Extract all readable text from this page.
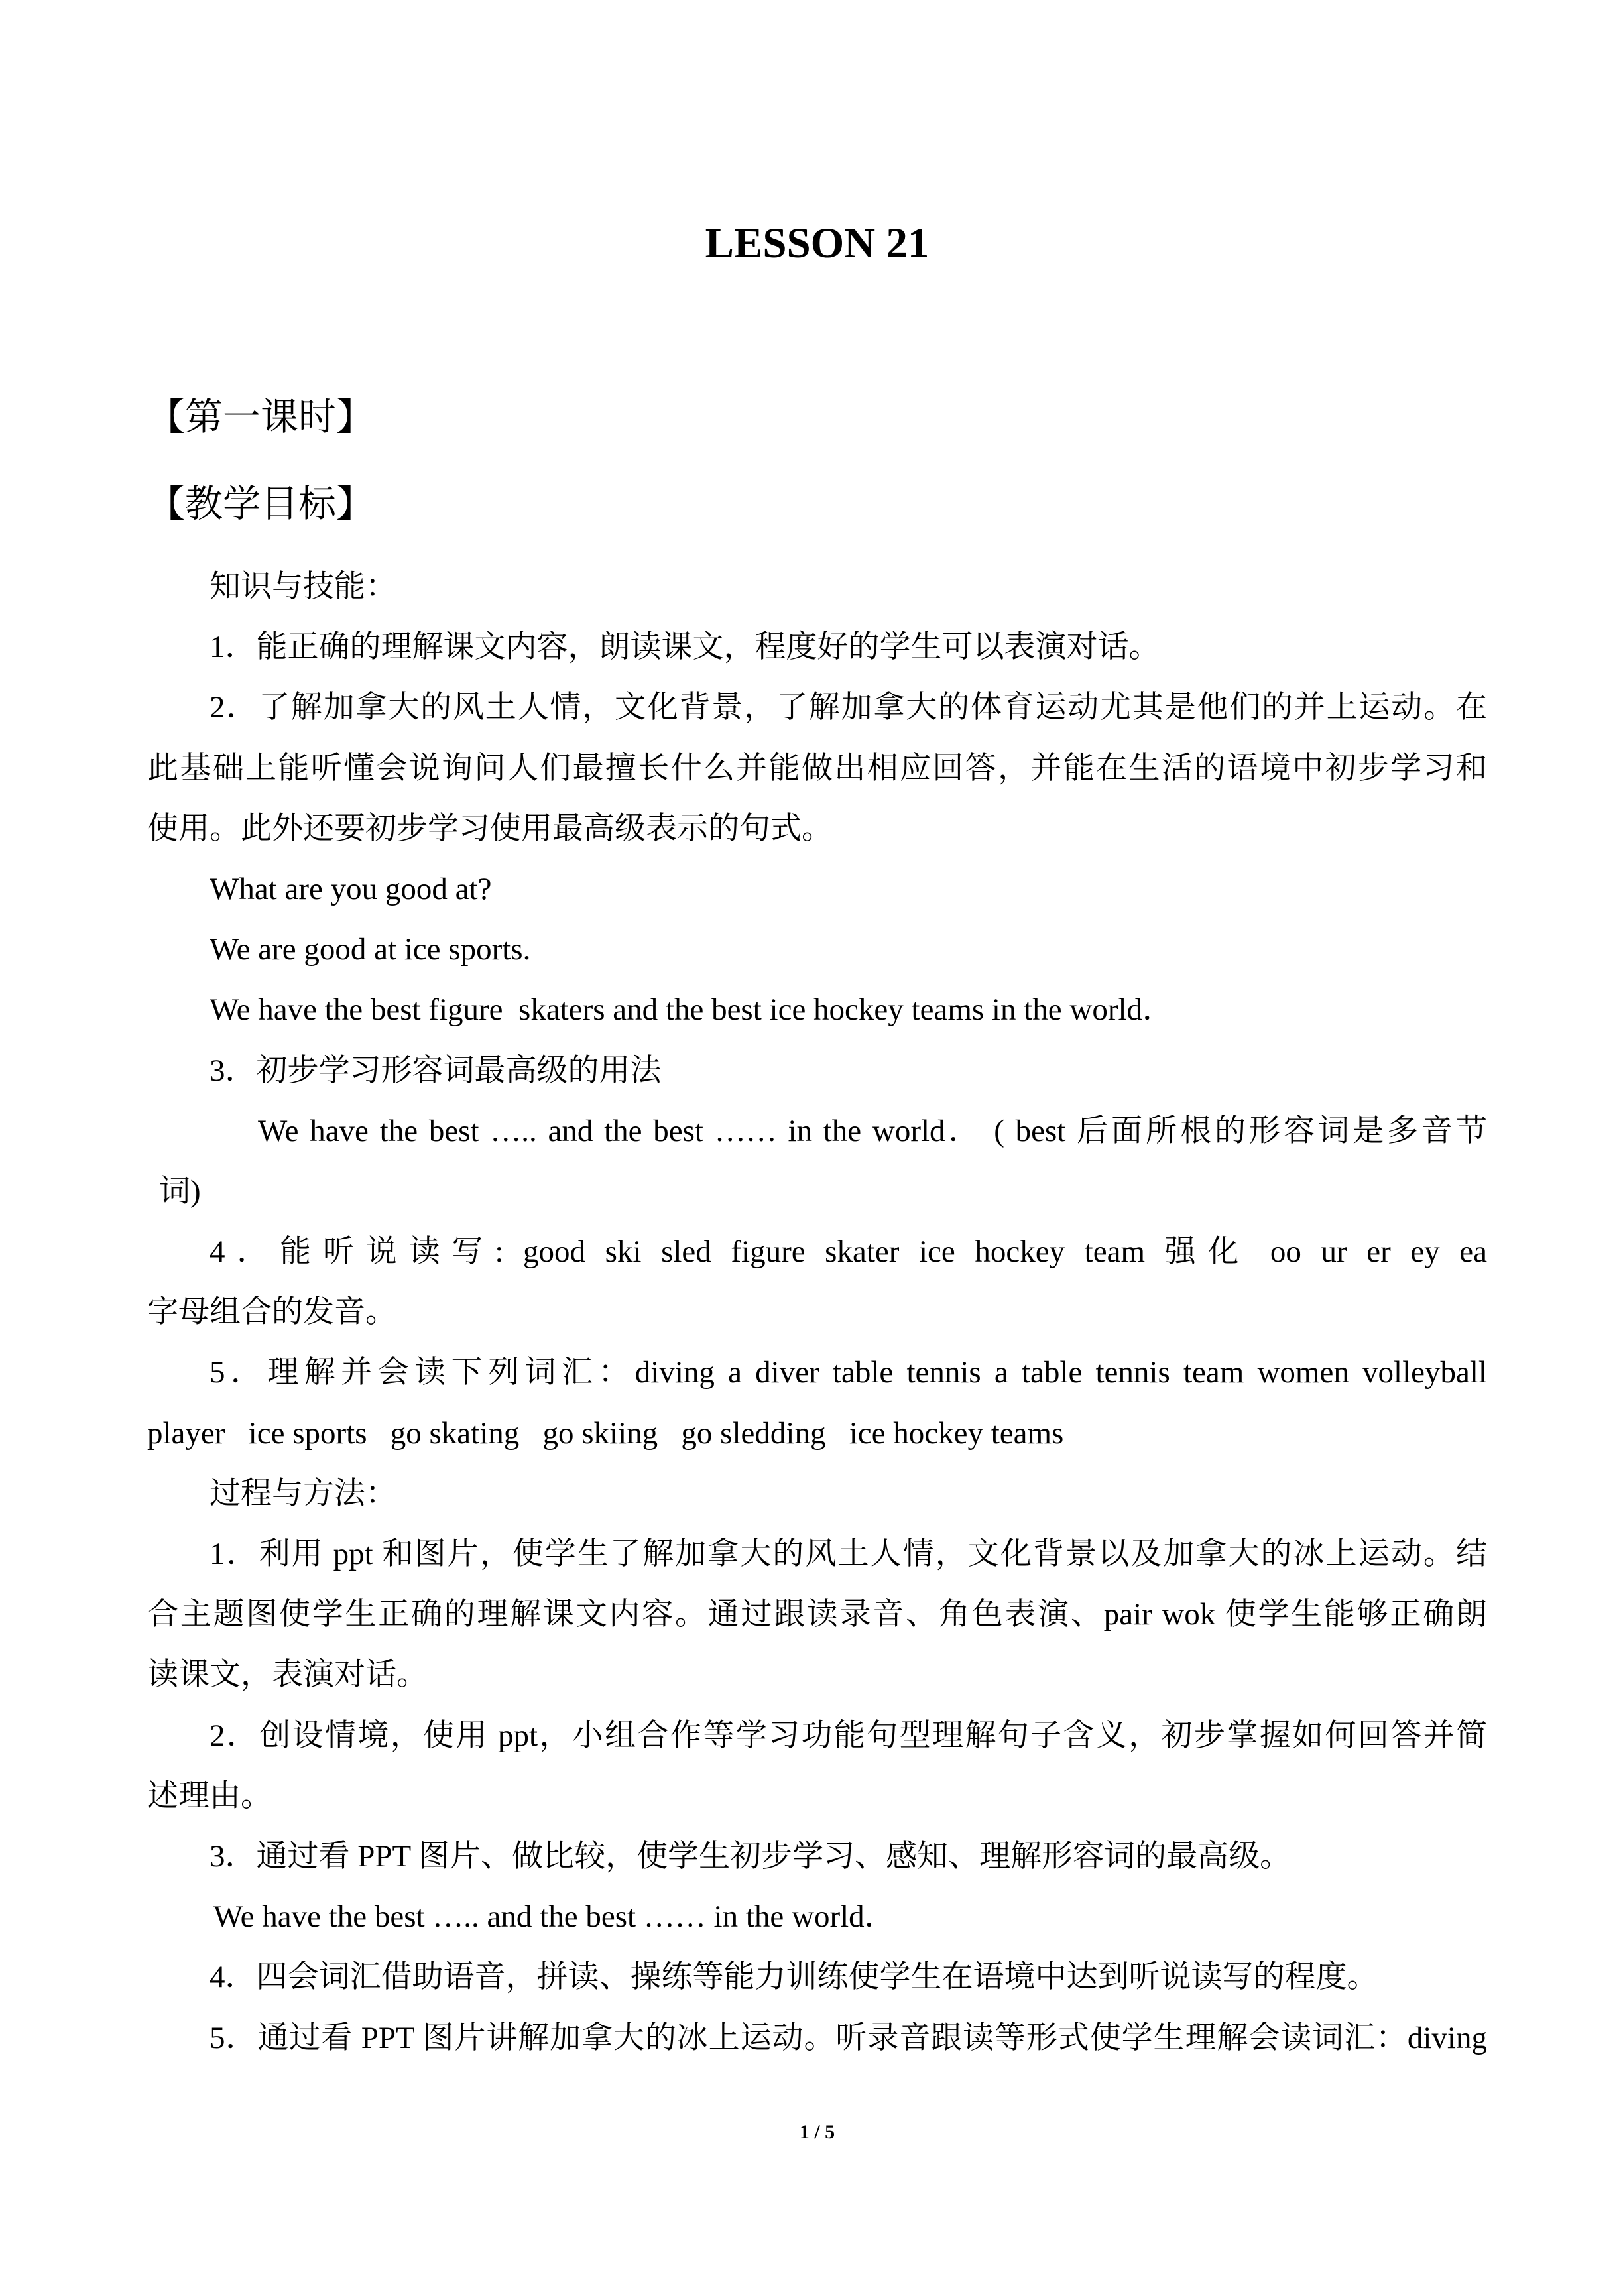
LESSON 21
【第一课时】
【教学目标】
知识与技能：
1．能正确的理解课文内容，朗读课文，程度好的学生可以表演对话。
2．了解加拿大的风土人情，文化背景，了解加拿大的体育运动尤其是他们的并上运动。在
此基础上能听懂会说询问人们最擅长什么并能做出相应回答，并能在生活的语境中初步学习和
使用。此外还要初步学习使用最高级表示的句式。
What are you good at?
We are good at ice sports.
We have the best figure  skaters and the best ice hockey teams in the world．
3．初步学习形容词最高级的用法
We have the best ….. and the best …… in the world． ( best 后面所根的形容词是多音节
词)
4．能听说读写: good ski sled figure skater ice hockey team 强化 oo ur er ey ea
字母组合的发音。
5．理解并会读下列词汇：diving a diver table tennis a table tennis team women volleyball
player   ice sports   go skating   go skiing   go sledding   ice hockey teams
过程与方法：
1．利用 ppt 和图片，使学生了解加拿大的风土人情，文化背景以及加拿大的冰上运动。结
合主题图使学生正确的理解课文内容。通过跟读录音、角色表演、pair wok 使学生能够正确朗
读课文，表演对话。
2．创设情境，使用 ppt，小组合作等学习功能句型理解句子含义，初步掌握如何回答并简
述理由。
3．通过看 PPT 图片、做比较，使学生初步学习、感知、理解形容词的最高级。
We have the best ….. and the best …… in the world．
4．四会词汇借助语音，拼读、操练等能力训练使学生在语境中达到听说读写的程度。
5．通过看 PPT 图片讲解加拿大的冰上运动。听录音跟读等形式使学生理解会读词汇：diving
1 / 5
